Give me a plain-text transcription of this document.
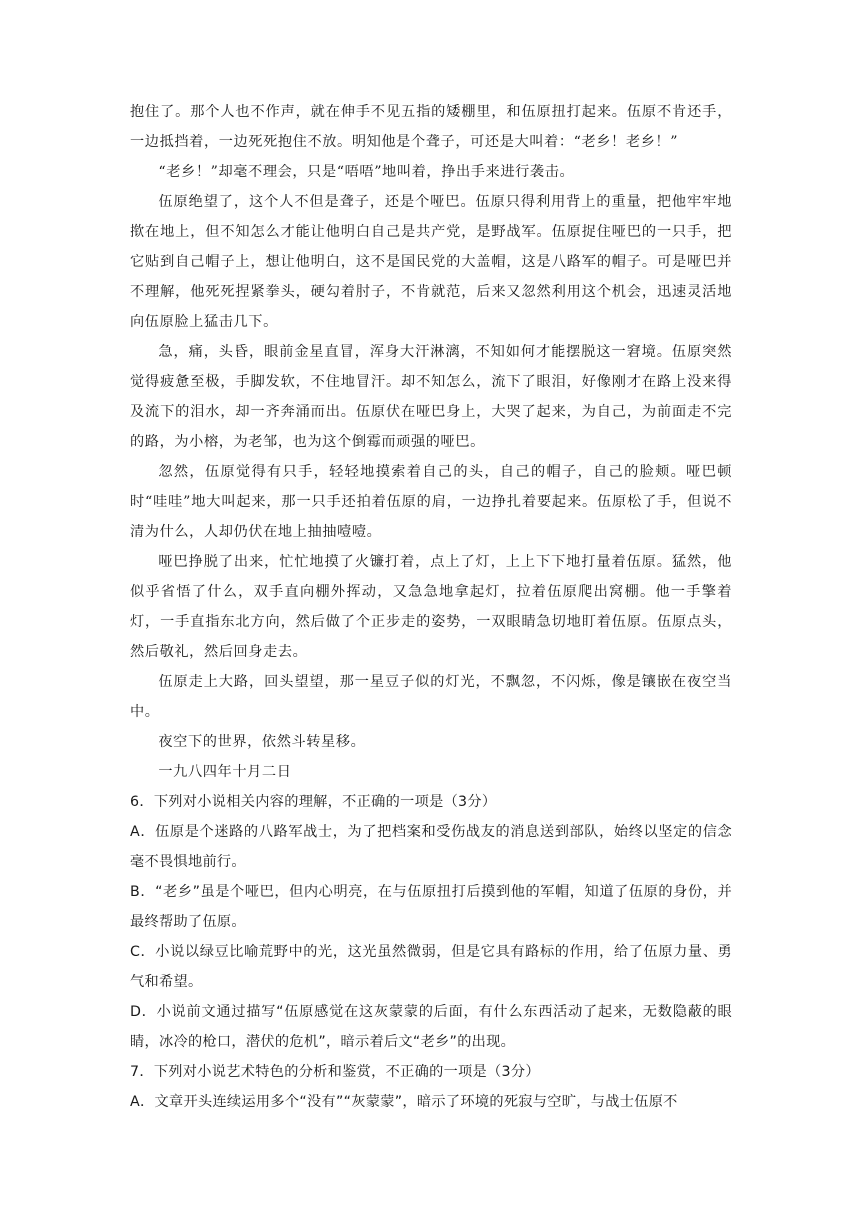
抱住了。那个人也不作声，就在伸手不见五指的矮棚里，和伍原扭打起来。伍原不肯还手，一边抵挡着，一边死死抱住不放。明知他是个聋子，可还是大叫着：“老乡！老乡！”

“老乡！”却毫不理会，只是“唔唔”地叫着，挣出手来进行袭击。

伍原绝望了，这个人不但是聋子，还是个哑巴。伍原只得利用背上的重量，把他牢牢地揿在地上，但不知怎么才能让他明白自己是共产党，是野战军。伍原捉住哑巴的一只手，把它贴到自己帽子上，想让他明白，这不是国民党的大盖帽，这是八路军的帽子。可是哑巴并不理解，他死死捏紧拳头，硬勾着肘子，不肯就范，后来又忽然利用这个机会，迅速灵活地向伍原脸上猛击几下。

急，痛，头昏，眼前金星直冒，浑身大汗淋漓，不知如何才能摆脱这一窘境。伍原突然觉得疲惫至极，手脚发软，不住地冒汗。却不知怎么，流下了眼泪，好像刚才在路上没来得及流下的泪水，却一齐奔涌而出。伍原伏在哑巴身上，大哭了起来，为自己，为前面走不完的路，为小榕，为老邹，也为这个倒霉而顽强的哑巴。

忽然，伍原觉得有只手，轻轻地摸索着自己的头，自己的帽子，自己的脸颊。哑巴顿时“哇哇”地大叫起来，那一只手还拍着伍原的肩，一边挣扎着要起来。伍原松了手，但说不清为什么，人却仍伏在地上抽抽噎噎。

哑巴挣脱了出来，忙忙地摸了火镰打着，点上了灯，上上下下地打量着伍原。猛然，他似乎省悟了什么，双手直向棚外挥动，又急急地拿起灯，拉着伍原爬出窝棚。他一手擎着灯，一手直指东北方向，然后做了个正步走的姿势，一双眼睛急切地盯着伍原。伍原点头，然后敬礼，然后回身走去。

伍原走上大路，回头望望，那一星豆子似的灯光，不飘忽，不闪烁，像是镶嵌在夜空当中。

夜空下的世界，依然斗转星移。

一九八四年十月二日

6．下列对小说相关内容的理解，不正确的一项是（3分）

A．伍原是个迷路的八路军战士，为了把档案和受伤战友的消息送到部队，始终以坚定的信念毫不畏惧地前行。

B．“老乡”虽是个哑巴，但内心明亮，在与伍原扭打后摸到他的军帽，知道了伍原的身份，并最终帮助了伍原。

C．小说以绿豆比喻荒野中的光，这光虽然微弱，但是它具有路标的作用，给了伍原力量、勇气和希望。

D．小说前文通过描写“伍原感觉在这灰蒙蒙的后面，有什么东西活动了起来，无数隐蔽的眼睛，冰冷的枪口，潜伏的危机”，暗示着后文“老乡”的出现。

7．下列对小说艺术特色的分析和鉴赏，不正确的一项是（3分）

A．文章开头连续运用多个“没有”“灰蒙蒙”，暗示了环境的死寂与空旷，与战士伍原不
